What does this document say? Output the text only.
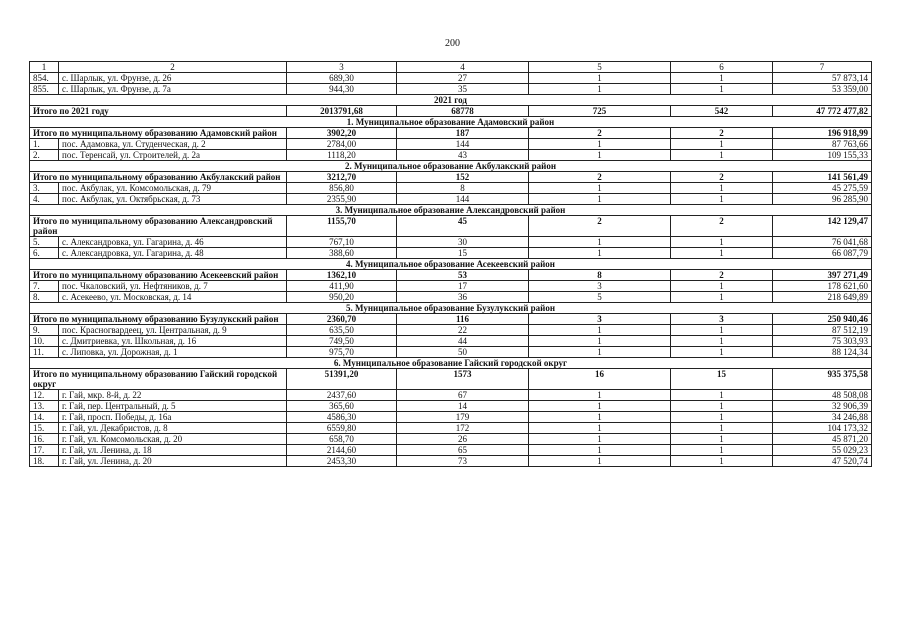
200
1	2	3	4	5	6	7
854.	с. Шарлык, ул. Фрунзе, д. 26	689,30	27	1	1	57 873,14
855.	с. Шарлык, ул. Фрунзе, д. 7а	944,30	35	1	1	53 359,00
2021 год						
Итого по 2021 году		2013791,68	68778	725	542	47 772 477,82
1. Муниципальное образование Адамовский район						
Итого по муниципальному образованию Адамовский район		3902,20	187	2	2	196 918,99
1.	пос. Адамовка, ул. Студенческая, д. 2	2784,00	144	1	1	87 763,66
2.	пос. Теренсай, ул. Строителей, д. 2а	1118,20	43	1	1	109 155,33
2. Муниципальное образование Акбулакский район						
Итого по муниципальному образованию Акбулакский район		3212,70	152	2	2	141 561,49
3.	пос. Акбулак, ул. Комсомольская, д. 79	856,80	8	1	1	45 275,59
4.	пос. Акбулак, ул. Октябрьская, д. 73	2355,90	144	1	1	96 285,90
3. Муниципальное образование Александровский район						
Итого по муниципальному образованию Александровский район		1155,70	45	2	2	142 129,47
5.	с. Александровка, ул. Гагарина, д. 46	767,10	30	1	1	76 041,68
6.	с. Александровка, ул. Гагарина, д. 48	388,60	15	1	1	66 087,79
4. Муниципальное образование Асекеевский район						
Итого по муниципальному образованию Асекеевский район		1362,10	53	8	2	397 271,49
7.	пос. Чкаловский, ул. Нефтяников, д. 7	411,90	17	3	1	178 621,60
8.	с. Асекеево, ул. Московская, д. 14	950,20	36	5	1	218 649,89
5. Муниципальное образование Бузулукский район						
Итого по муниципальному образованию Бузулукский район		2360,70	116	3	3	250 940,46
9.	пос. Красногвардеец, ул. Центральная, д. 9	635,50	22	1	1	87 512,19
10.	с. Дмитриевка, ул. Школьная, д. 16	749,50	44	1	1	75 303,93
11.	с. Липовка, ул. Дорожная, д. 1	975,70	50	1	1	88 124,34
6. Муниципальное образование Гайский городской округ						
Итого по муниципальному образованию Гайский городской округ		51391,20	1573	16	15	935 375,58
12.	г. Гай, мкр. 8-й, д. 22	2437,60	67	1	1	48 508,08
13.	г. Гай, пер. Центральный, д. 5	365,60	14	1	1	32 906,39
14.	г. Гай, просп. Победы, д. 16а	4586,30	179	1	1	34 246,88
15.	г. Гай, ул. Декабристов, д. 8	6559,80	172	1	1	104 173,32
16.	г. Гай, ул. Комсомольская, д. 20	658,70	26	1	1	45 871,20
17.	г. Гай, ул. Ленина, д. 18	2144,60	65	1	1	55 029,23
18.	г. Гай, ул. Ленина, д. 20	2453,30	73	1	1	47 520,74
